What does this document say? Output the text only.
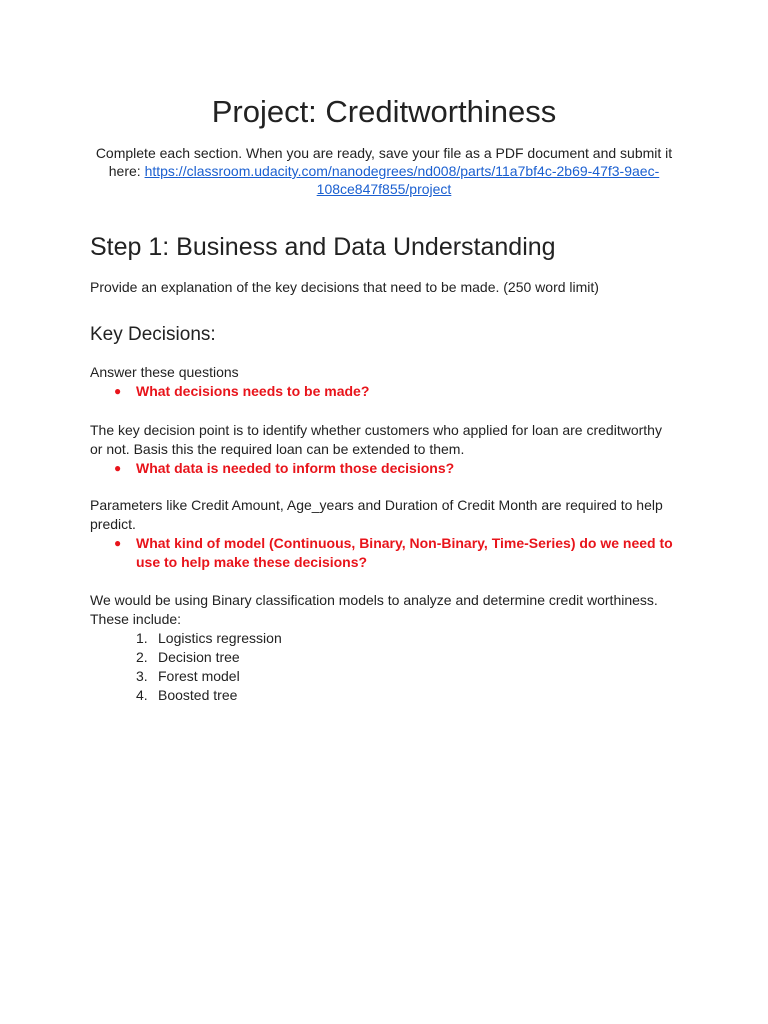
Project: Creditworthiness

Complete each section. When you are ready, save your file as a PDF document and submit it here: https://classroom.udacity.com/nanodegrees/nd008/parts/11a7bf4c-2b69-47f3-9aec-
108ce847f855/project

Step 1: Business and Data Understanding

Provide an explanation of the key decisions that need to be made. (250 word limit)

Key Decisions:

Answer these questions

● What decisions needs to be made?

The key decision point is to identify whether customers who applied for loan are creditworthy or not. Basis this the required loan can be extended to them.

● What data is needed to inform those decisions?

Parameters like Credit Amount, Age_years and Duration of Credit Month are required to help predict.

● What kind of model (Continuous, Binary, Non-Binary, Time-Series) do we need to use to help make these decisions?

We would be using Binary classification models to analyze and determine credit worthiness. These include:

1. Logistics regression
2. Decision tree
3. Forest model
4. Boosted tree
